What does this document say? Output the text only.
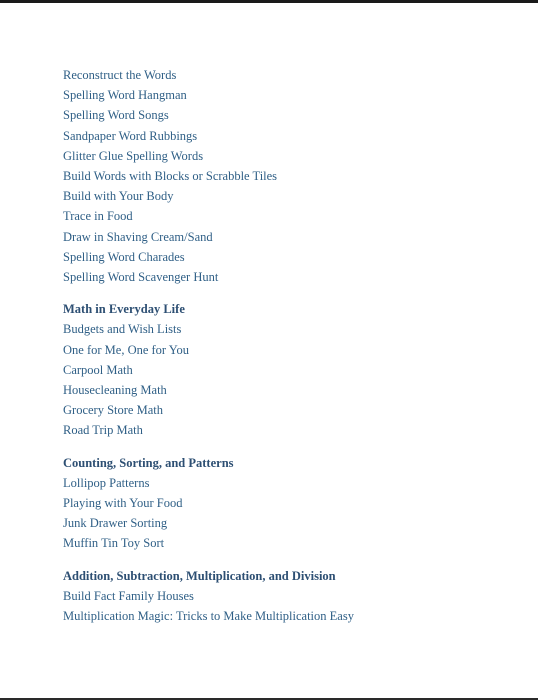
Reconstruct the Words
Spelling Word Hangman
Spelling Word Songs
Sandpaper Word Rubbings
Glitter Glue Spelling Words
Build Words with Blocks or Scrabble Tiles
Build with Your Body
Trace in Food
Draw in Shaving Cream/Sand
Spelling Word Charades
Spelling Word Scavenger Hunt
Math in Everyday Life
Budgets and Wish Lists
One for Me, One for You
Carpool Math
Housecleaning Math
Grocery Store Math
Road Trip Math
Counting, Sorting, and Patterns
Lollipop Patterns
Playing with Your Food
Junk Drawer Sorting
Muffin Tin Toy Sort
Addition, Subtraction, Multiplication, and Division
Build Fact Family Houses
Multiplication Magic: Tricks to Make Multiplication Easy
